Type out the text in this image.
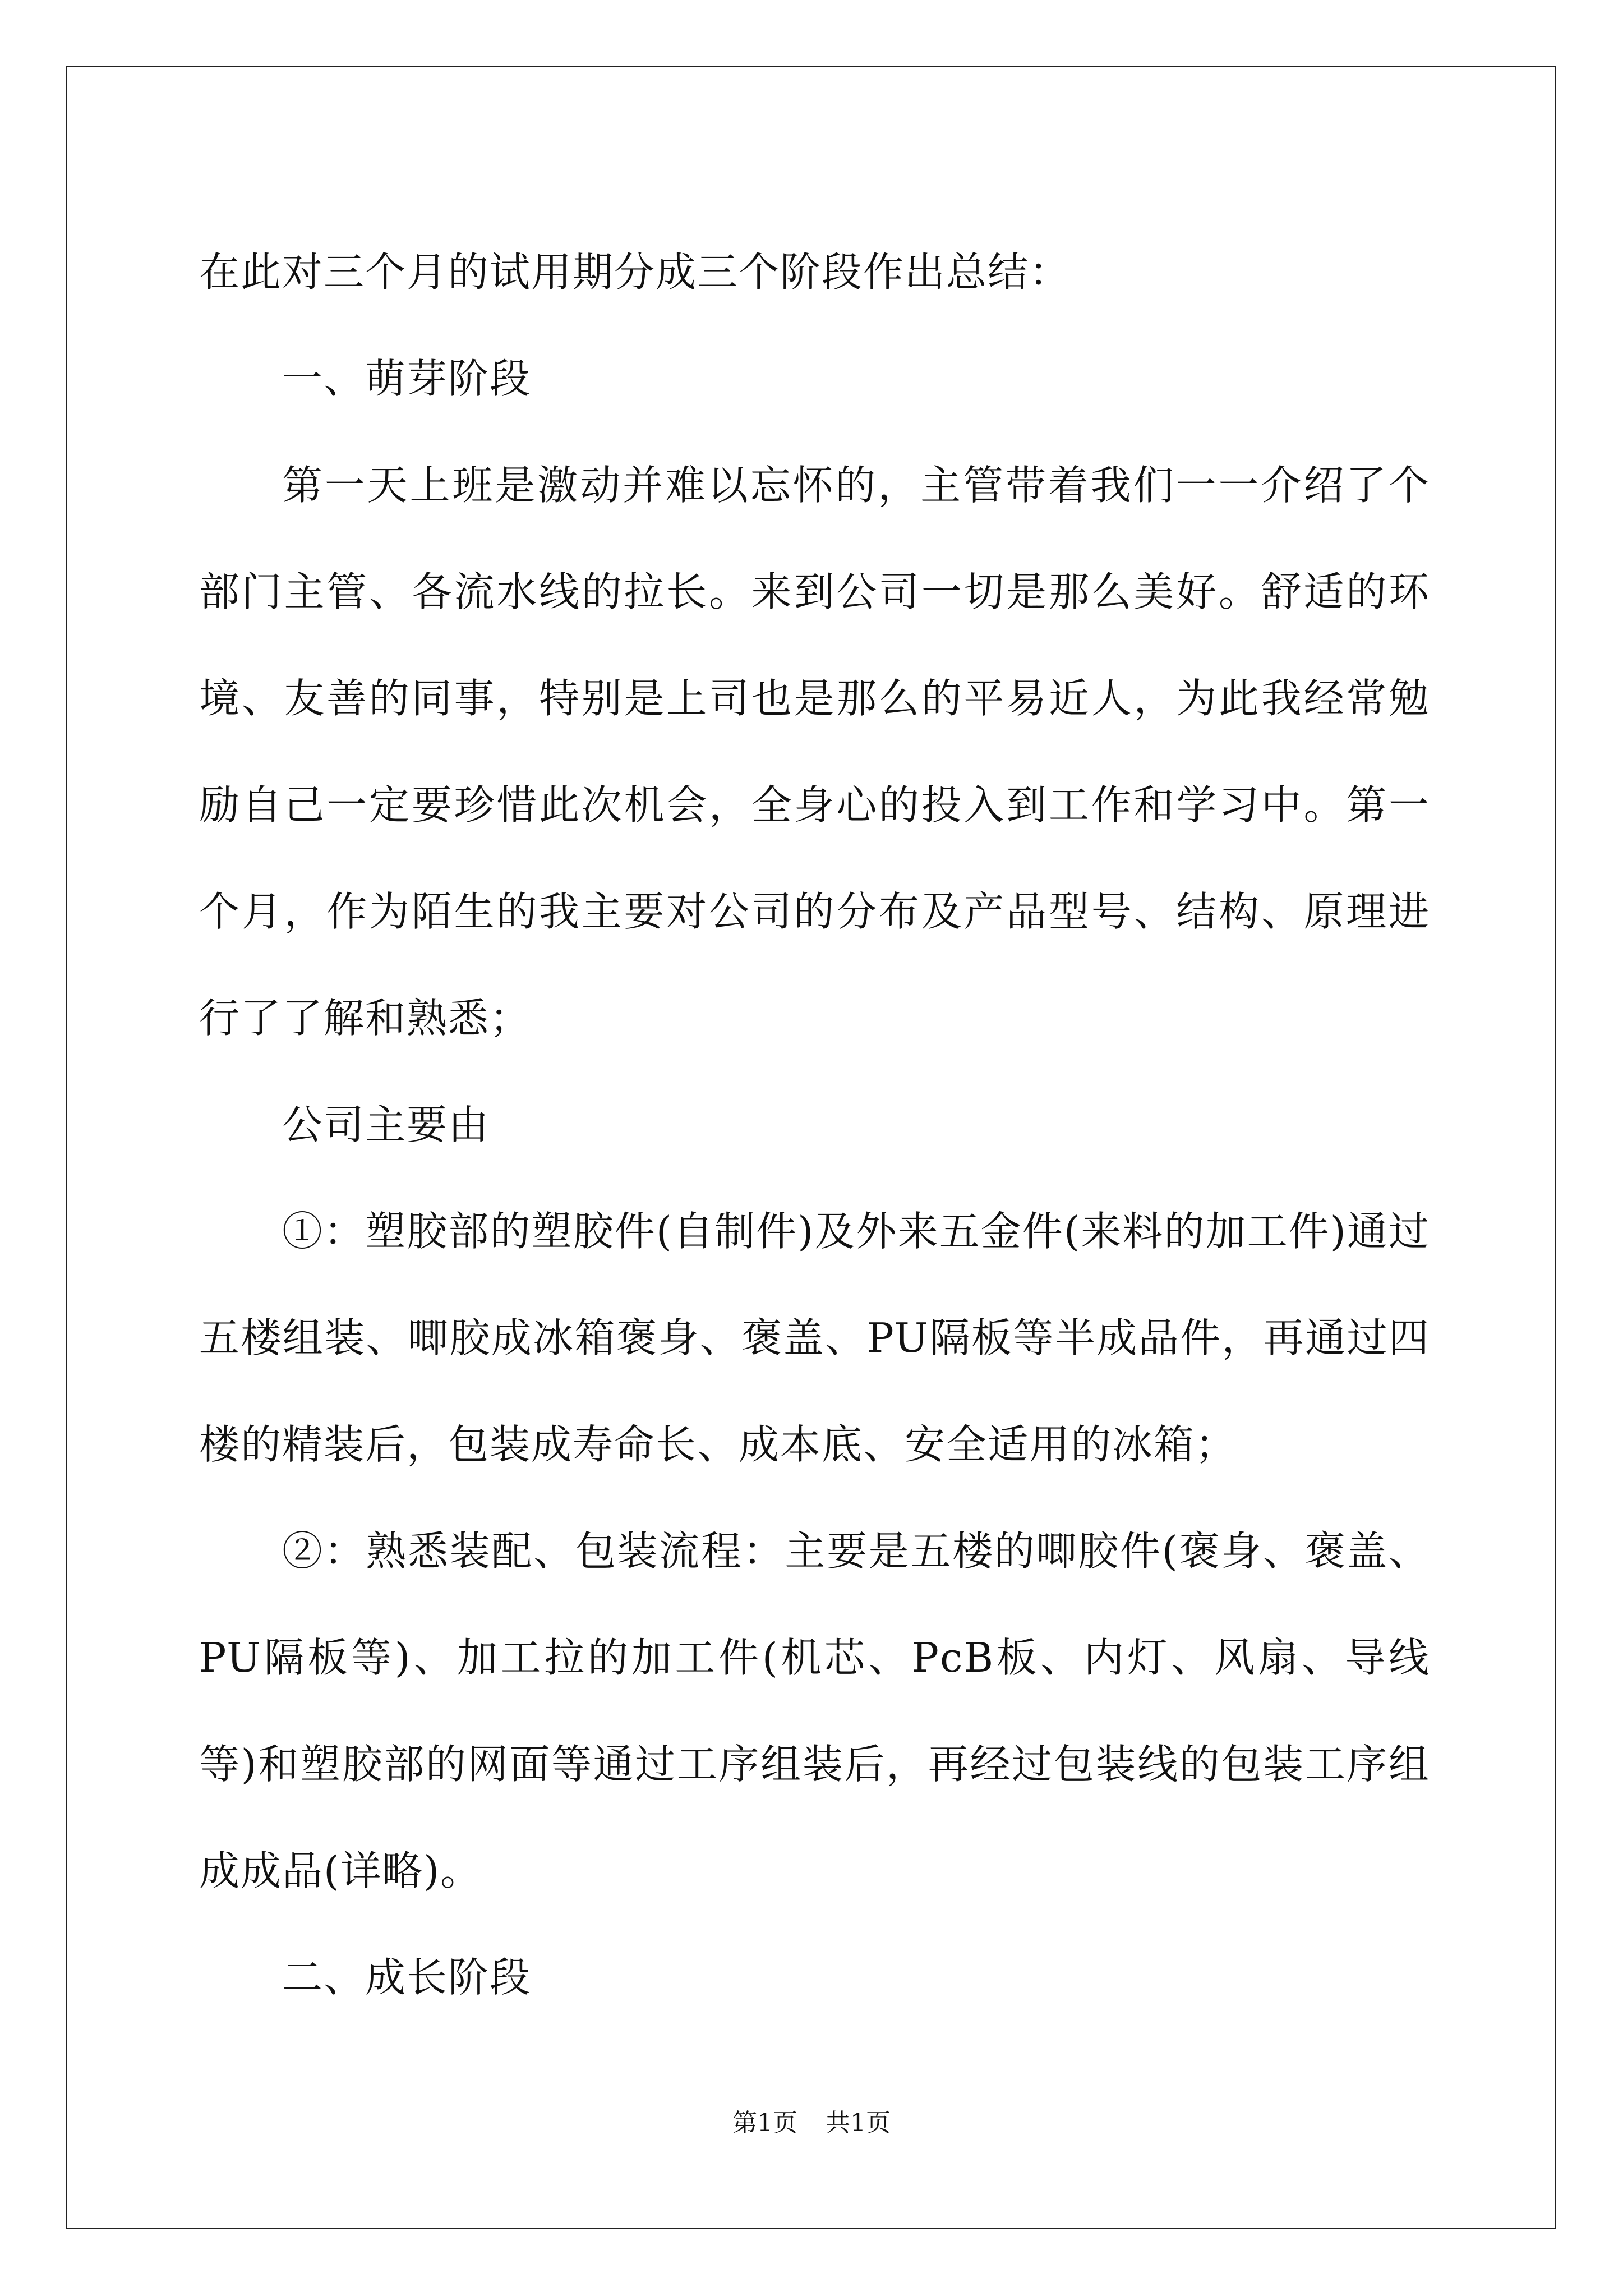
在此对三个月的试用期分成三个阶段作出总结：

一、萌芽阶段

第一天上班是激动并难以忘怀的，主管带着我们一一介绍了个部门主管、各流水线的拉长。来到公司一切是那么美好。舒适的环境、友善的同事，特别是上司也是那么的平易近人，为此我经常勉励自己一定要珍惜此次机会，全身心的投入到工作和学习中。第一个月，作为陌生的我主要对公司的分布及产品型号、结构、原理进行了了解和熟悉；

公司主要由

①：塑胶部的塑胶件(自制件)及外来五金件(来料的加工件)通过五楼组装、唧胶成冰箱褒身、褒盖、PU隔板等半成品件，再通过四楼的精装后，包装成寿命长、成本底、安全适用的冰箱；

②：熟悉装配、包装流程：主要是五楼的唧胶件(褒身、褒盖、PU隔板等)、加工拉的加工件(机芯、PcB板、内灯、风扇、导线等)和塑胶部的网面等通过工序组装后，再经过包装线的包装工序组成成品(详略)。

二、成长阶段

第1页 共1页
